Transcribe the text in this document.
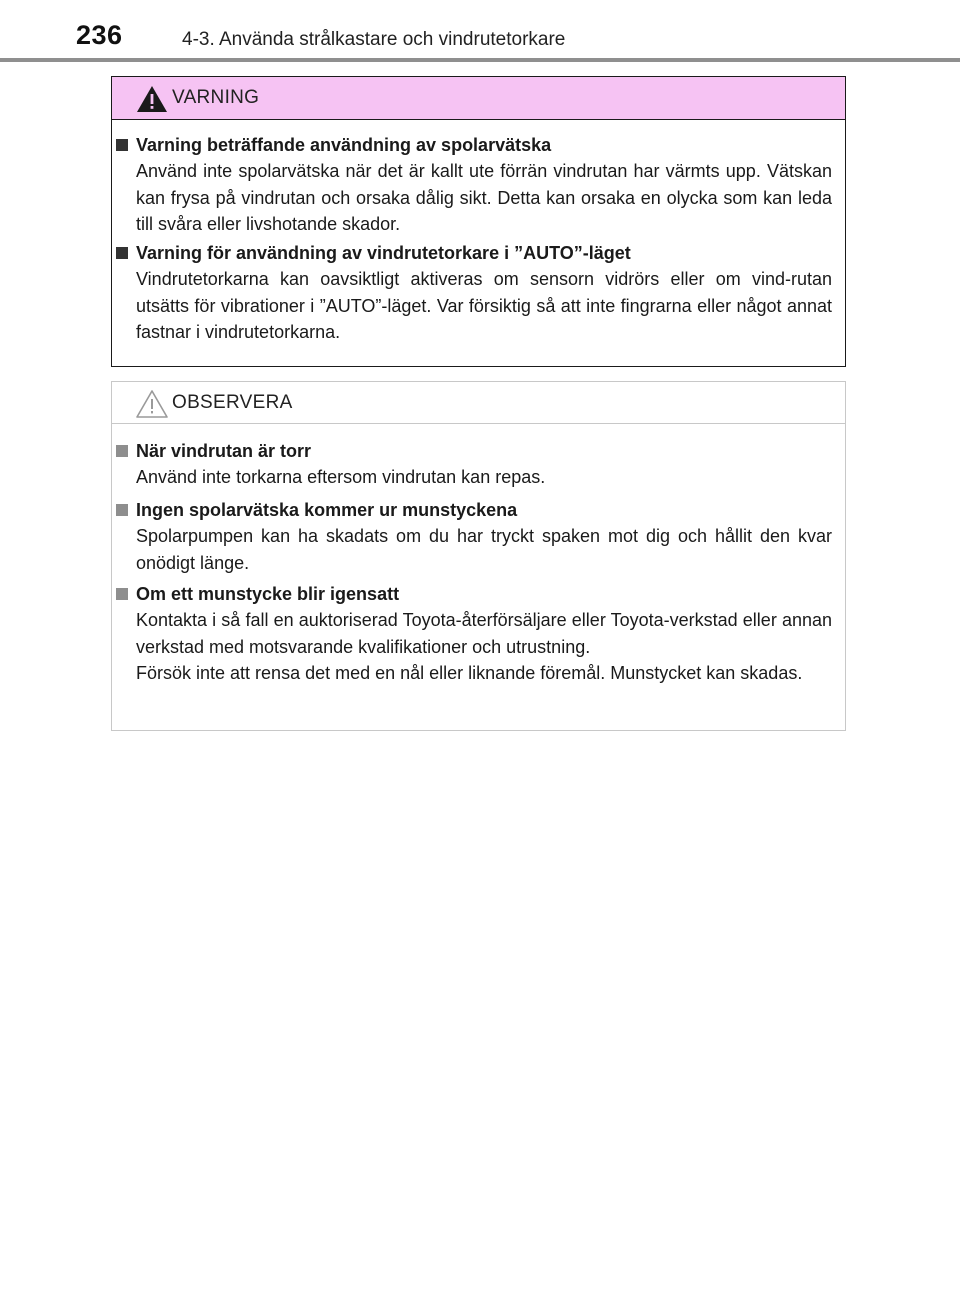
236	4-3. Använda strålkastare och vindrutetorkare
VARNING
Varning beträffande användning av spolarvätska

Använd inte spolarvätska när det är kallt ute förrän vindrutan har värmts upp. Vätskan kan frysa på vindrutan och orsaka dålig sikt. Detta kan orsaka en olycka som kan leda till svåra eller livshotande skador.

Varning för användning av vindrutetorkare i ”AUTO”-läget

Vindrutetorkarna kan oavsiktligt aktiveras om sensorn vidrörs eller om vind-rutan utsätts för vibrationer i ”AUTO”-läget. Var försiktig så att inte fingrarna eller något annat fastnar i vindrutetorkarna.

OBSERVERA
När vindrutan är torr

Använd inte torkarna eftersom vindrutan kan repas.

Ingen spolarvätska kommer ur munstyckena

Spolarpumpen kan ha skadats om du har tryckt spaken mot dig och hållit den kvar onödigt länge.

Om ett munstycke blir igensatt

Kontakta i så fall en auktoriserad Toyota-återförsäljare eller Toyota-verkstad eller annan verkstad med motsvarande kvalifikationer och utrustning.

Försök inte att rensa det med en nål eller liknande föremål. Munstycket kan skadas.
